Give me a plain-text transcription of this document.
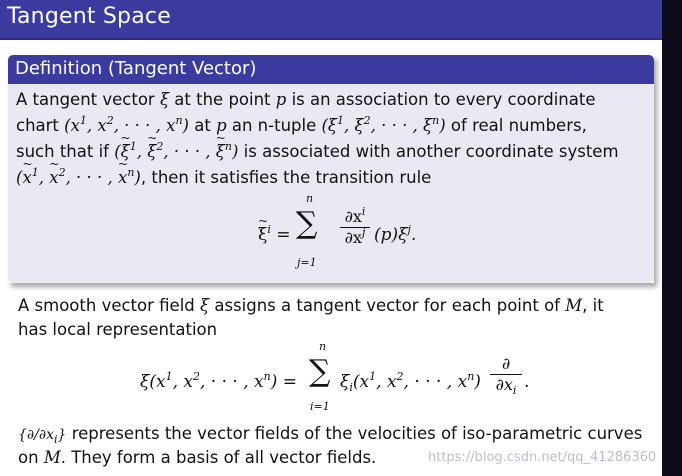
Tangent Space
Definition (Tangent Vector)
A tangent vector ξ at the point p is an association to every coordinate
chart ($x^1$, $x^2$, · · · , $x^n$) at p an n-tuple ($\xi^1$, $\xi^2$, · · · , $\xi^n$) of real numbers,
such that if (ξ ~$^1$, ξ ~$^2$, · · · , ξ ~$^n$) is associated with another coordinate system
(x ~$^1$, x ~$^2$, · · · , x ~$^n$), then it satisfies the transition rule
ξ ~$^i$ =
n
∑
j=1
$\frac{\partial x^i}{\partial x^j} (p)\xi^j$.
A smooth vector field ξ assigns a tangent vector for each point of M, it
has local representation
$\xi(x^1$, $x^2$, · · · , $x^n$) =
n
∑
i=1
$\xi_i(x^1$, $x^2$, · · · , $x^n$)
∂
$\partial x_i$ .
$\{\partial/\partial x_i\}$ represents the vector fields of the velocities of iso-parametric curves
on M. They form a basis of all vector fields.	https://blog.csdn.net/qq_41286360
